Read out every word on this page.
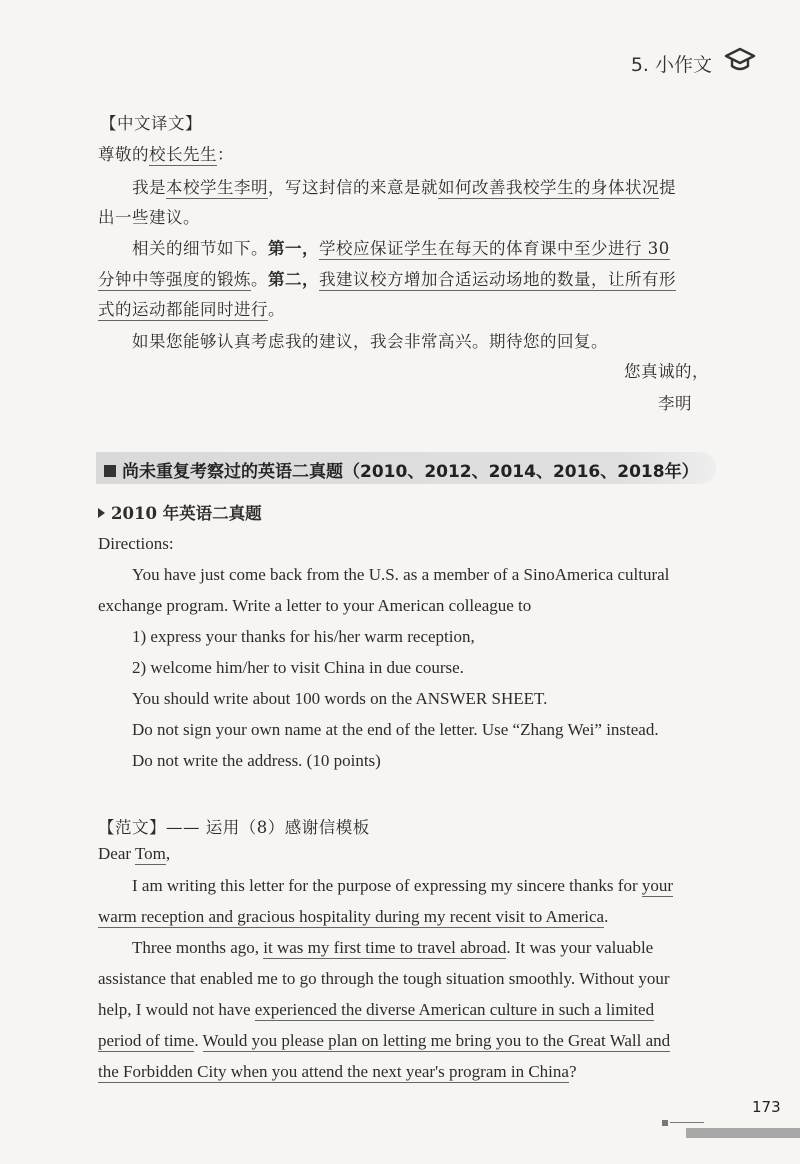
5. 小作文
【中文译文】
尊敬的校长先生：
我是本校学生李明，写这封信的来意是就如何改善我校学生的身体状况提
出一些建议。
相关的细节如下。第一，学校应保证学生在每天的体育课中至少进行 30
分钟中等强度的锻炼。第二，我建议校方增加合适运动场地的数量，让所有形
式的运动都能同时进行。
如果您能够认真考虑我的建议，我会非常高兴。期待您的回复。
您真诚的，
李明
尚未重复考察过的英语二真题（2010、2012、2014、2016、2018年）
2010 年英语二真题
Directions:
You have just come back from the U.S. as a member of a SinoAmerica cultural
exchange program. Write a letter to your American colleague to
1) express your thanks for his/her warm reception,
2) welcome him/her to visit China in due course.
You should write about 100 words on the ANSWER SHEET.
Do not sign your own name at the end of the letter. Use “Zhang Wei” instead.
Do not write the address. (10 points)
【范文】—— 运用（8）感谢信模板
Dear Tom,
I am writing this letter for the purpose of expressing my sincere thanks for your
warm reception and gracious hospitality during my recent visit to America.
Three months ago, it was my first time to travel abroad. It was your valuable
assistance that enabled me to go through the tough situation smoothly. Without your
help, I would not have experienced the diverse American culture in such a limited
period of time. Would you please plan on letting me bring you to the Great Wall and
the Forbidden City when you attend the next year's program in China?
173
